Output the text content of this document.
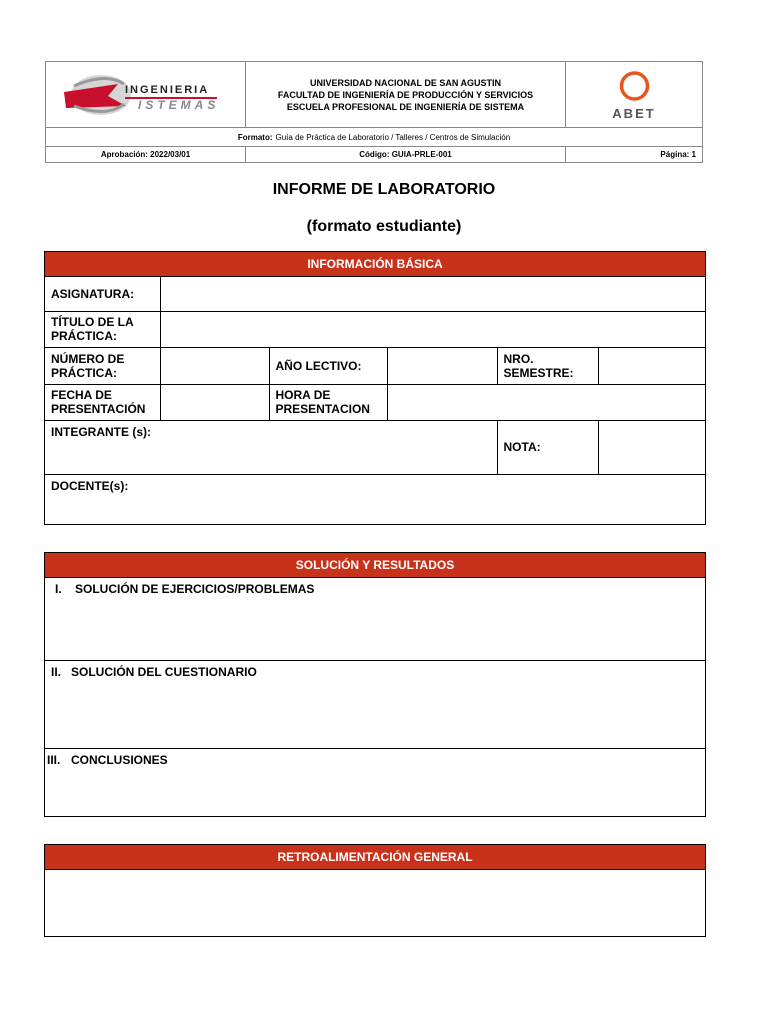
INGENIERIA
ISTEMAS
UNIVERSIDAD NACIONAL DE SAN AGUSTIN
FACULTAD DE INGENIERÍA DE PRODUCCIÓN Y SERVICIOS
ESCUELA PROFESIONAL DE INGENIERÍA DE SISTEMA	ABET
Formato: Guía de Práctica de Laboratorio / Talleres / Centros de Simulación
Aprobación: 2022/03/01	Código: GUIA-PRLE-001	Página: 1
INFORME DE LABORATORIO
(formato estudiante)
INFORMACIÓN BÁSICA
ASIGNATURA:					
TÍTULO DE LA PRÁCTICA:					
NÚMERO DE PRÁCTICA:		AÑO LECTIVO:		NRO. SEMESTRE:	
FECHA DE PRESENTACIÓN		HORA DE PRESENTACION			
INTEGRANTE (s):				NOTA:	
DOCENTE(s):					
SOLUCIÓN Y RESULTADOS
I. SOLUCIÓN DE EJERCICIOS/PROBLEMAS
II. SOLUCIÓN DEL CUESTIONARIO
III. CONCLUSIONES
RETROALIMENTACIÓN GENERAL
